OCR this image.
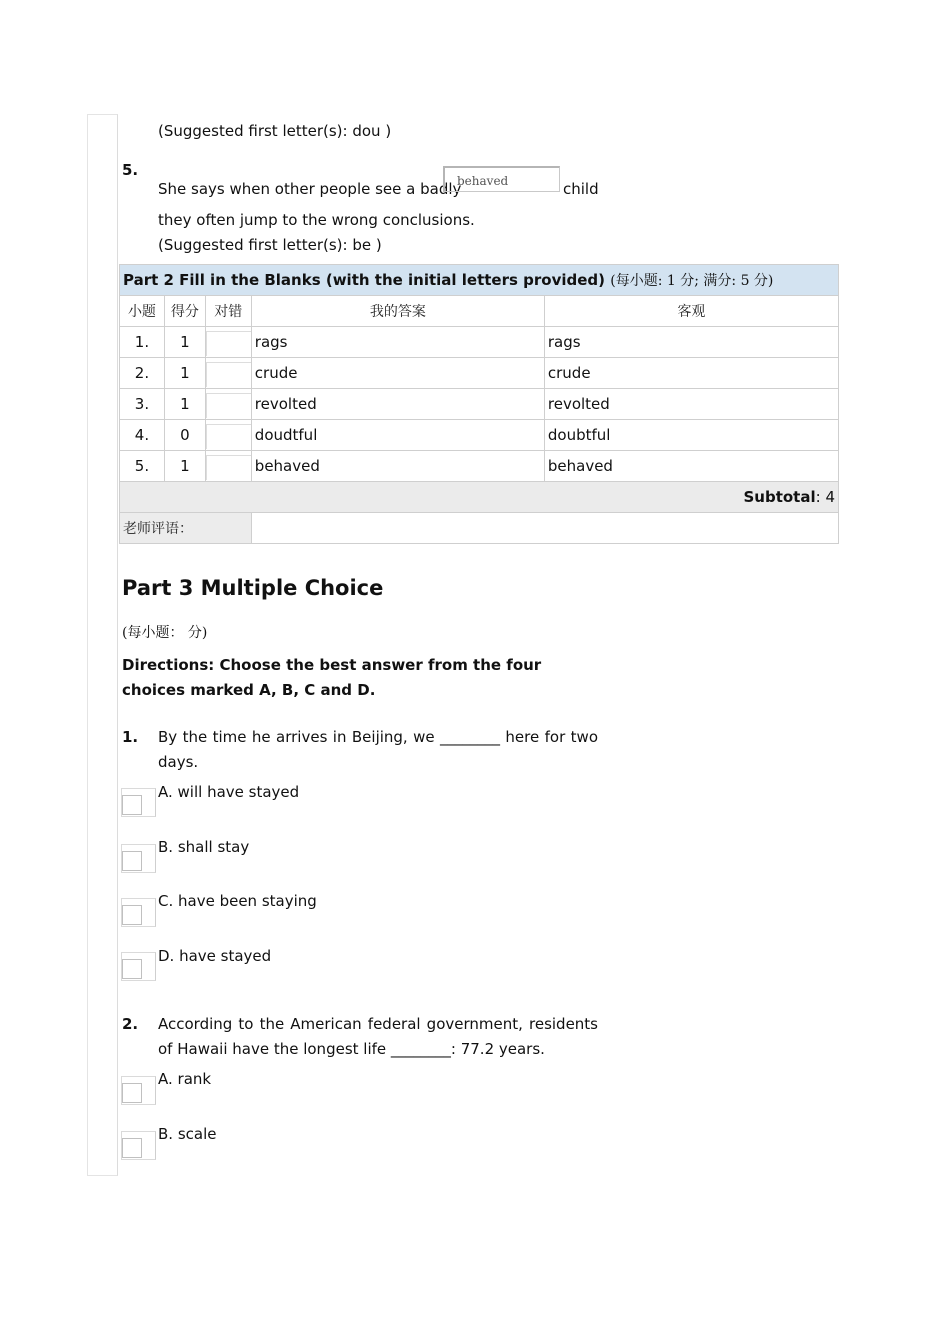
(Suggested first letter(s): dou )
5.
She says when other people see a badly
behaved	child
they often jump to the wrong conclusions.
(Suggested first letter(s): be )
Part 2 Fill in the Blanks (with the initial letters provided) (每小题: 1 分; 满分: 5 分)				
小题	得分	对错	我的答案	客观
1.	1		rags	rags
2.	1		crude	crude
3.	1		revolted	revolted
4.	0		doudtful	doubtful
5.	1		behaved	behaved
Subtotal: 4				
老师评语：				
Part 3 Multiple Choice
(每小题： 分)
Directions: Choose the best answer from the four choices marked A, B, C and D.
1. By the time he arrives in Beijing, we ________ here for two days.
A. will have stayed
B. shall stay
C. have been staying
D. have stayed
2. According to the American federal government, residents of Hawaii have the longest life ________: 77.2 years.
A. rank
B. scale
